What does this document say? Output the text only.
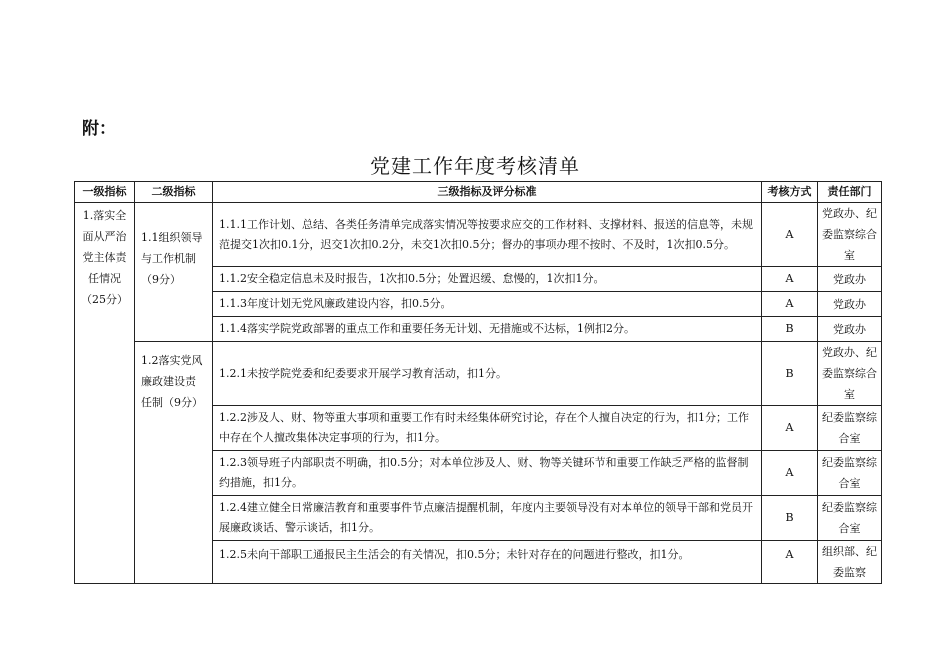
附：
党建工作年度考核清单
一级指标	二级指标	三级指标及评分标准	考核方式	责任部门
1.落实全面从严治党主体责任情况（25分）	1.1组织领导与工作机制（9分）	1.1.1工作计划、总结、各类任务清单完成落实情况等按要求应交的工作材料、支撑材料、报送的信息等，未规范提交1次扣0.1分，迟交1次扣0.2分，未交1次扣0.5分；督办的事项办理不按时、不及时，1次扣0.5分。	A	党政办、纪委监察综合室
		1.1.2安全稳定信息未及时报告，1次扣0.5分；处置迟缓、怠慢的，1次扣1分。	A	党政办
		1.1.3年度计划无党风廉政建设内容，扣0.5分。	A	党政办
		1.1.4落实学院党政部署的重点工作和重要任务无计划、无措施或不达标，1例扣2分。	B	党政办
	1.2落实党风廉政建设责任制（9分）	1.2.1未按学院党委和纪委要求开展学习教育活动，扣1分。	B	党政办、纪委监察综合室
		1.2.2涉及人、财、物等重大事项和重要工作有时未经集体研究讨论，存在个人擅自决定的行为，扣1分；工作中存在个人擅改集体决定事项的行为，扣1分。	A	纪委监察综合室
		1.2.3领导班子内部职责不明确，扣0.5分；对本单位涉及人、财、物等关键环节和重要工作缺乏严格的监督制约措施，扣1分。	A	纪委监察综合室
		1.2.4建立健全日常廉洁教育和重要事件节点廉洁提醒机制，年度内主要领导没有对本单位的领导干部和党员开展廉政谈话、警示谈话，扣1分。	B	纪委监察综合室
		1.2.5未向干部职工通报民主生活会的有关情况，扣0.5分；未针对存在的问题进行整改，扣1分。	A	组织部、纪委监察
